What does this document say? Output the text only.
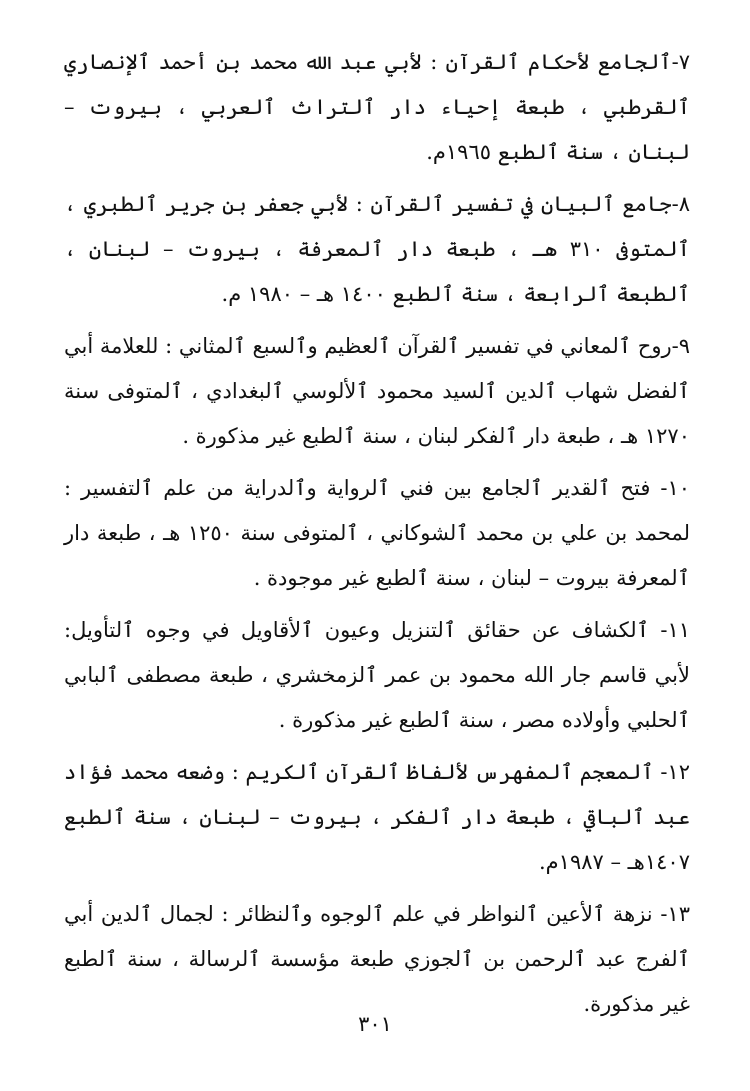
٧-ٱلجامع لأحكام ٱلقرآن : لأبي عبد الله محمد بن أحمد ٱلإنصاري ٱلقرطبي ، طبعة إحياء دار ٱلتراث ٱلعربي ، بيروت – لبنان ، سنة ٱلطبع ١٩٦٥م.

٨-جامع ٱلبيان في تفسير ٱلقرآن : لأبي جعفر بن جرير ٱلطبري ، ٱلمتوفى ٣١٠ هـ ، طبعة دار ٱلمعرفة ، بيروت – لبنان ، ٱلطبعة ٱلرابعة ، سنة ٱلطبع ١٤٠٠ هـ – ١٩٨٠ م.

٩-روح ٱلمعاني في تفسير ٱلقرآن ٱلعظيم وٱلسبع ٱلمثاني : للعلامة أبي ٱلفضل شهاب ٱلدين ٱلسيد محمود ٱلألوسي ٱلبغدادي ، ٱلمتوفى سنة ١٢٧٠ هـ ، طبعة دار ٱلفكر لبنان ، سنة ٱلطبع غير مذكورة .

١٠- فتح ٱلقدير ٱلجامع بين فني ٱلرواية وٱلدراية من علم ٱلتفسير : لمحمد بن علي بن محمد ٱلشوكاني ، ٱلمتوفى سنة ١٢٥٠ هـ ، طبعة دار ٱلمعرفة بيروت – لبنان ، سنة ٱلطبع غير موجودة .

١١- ٱلكشاف عن حقائق ٱلتنزيل وعيون ٱلأقاويل في وجوه ٱلتأويل: لأبي قاسم جار الله محمود بن عمر ٱلزمخشري ، طبعة مصطفى ٱلبابي ٱلحلبي وأولاده مصر ، سنة ٱلطبع غير مذكورة .

١٢- ٱلمعجم ٱلمفهرس لألفاظ ٱلقرآن ٱلكريم : وضعه محمد فؤاد عبد ٱلباقي ، طبعة دار ٱلفكر ، بيروت – لبنان ، سنة ٱلطبع ١٤٠٧هـ – ١٩٨٧م.

١٣- نزهة ٱلأعين ٱلنواظر في علم ٱلوجوه وٱلنظائر : لجمال ٱلدين أبي ٱلفرج عبد ٱلرحمن بن ٱلجوزي طبعة مؤسسة ٱلرسالة ، سنة ٱلطبع غير مذكورة.

٣٠١
